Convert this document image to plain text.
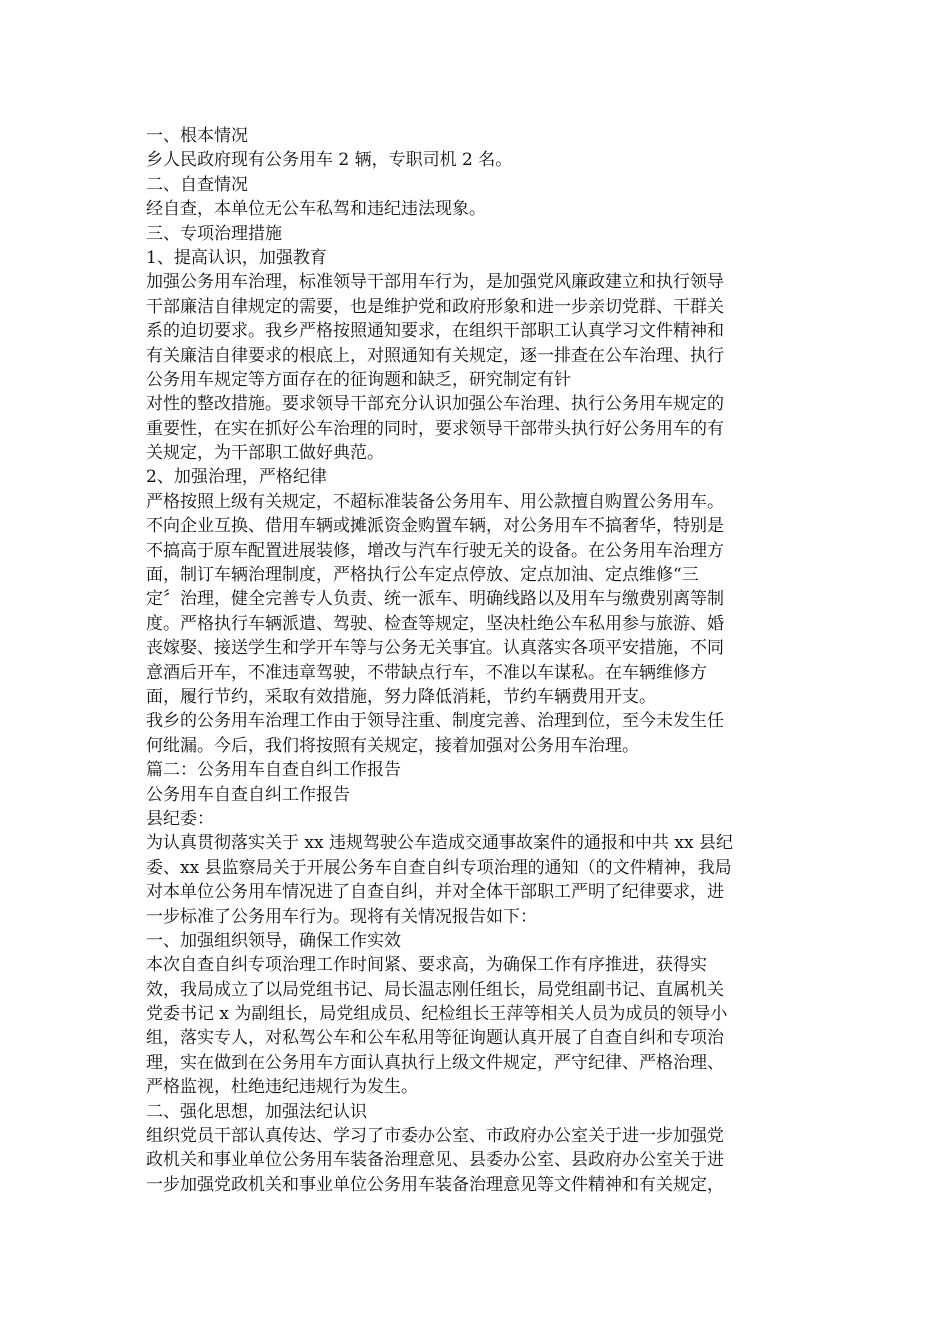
一、根本情况
乡人民政府现有公务用车 2 辆，专职司机 2 名。
二、自查情况
经自查，本单位无公车私驾和违纪违法现象。
三、专项治理措施
1、提高认识，加强教育
加强公务用车治理，标准领导干部用车行为，是加强党风廉政建立和执行领导
干部廉洁自律规定的需要，也是维护党和政府形象和进一步亲切党群、干群关
系的迫切要求。我乡严格按照通知要求，在组织干部职工认真学习文件精神和
有关廉洁自律要求的根底上，对照通知有关规定，逐一排查在公车治理、执行
公务用车规定等方面存在的征询题和缺乏，研究制定有针
对性的整改措施。要求领导干部充分认识加强公车治理、执行公务用车规定的
重要性，在实在抓好公车治理的同时，要求领导干部带头执行好公务用车的有
关规定，为干部职工做好典范。
2、加强治理，严格纪律
严格按照上级有关规定，不超标准装备公务用车、用公款擅自购置公务用车。
不向企业互换、借用车辆或摊派资金购置车辆，对公务用车不搞奢华，特别是
不搞高于原车配置进展装修，增改与汽车行驶无关的设备。在公务用车治理方
面，制订车辆治理制度，严格执行公车定点停放、定点加油、定点维修“三
定〞治理，健全完善专人负责、统一派车、明确线路以及用车与缴费别离等制
度。严格执行车辆派遣、驾驶、检查等规定，坚决杜绝公车私用参与旅游、婚
丧嫁娶、接送学生和学开车等与公务无关事宜。认真落实各项平安措施，不同
意酒后开车，不准违章驾驶，不带缺点行车，不准以车谋私。在车辆维修方
面，履行节约，采取有效措施，努力降低消耗，节约车辆费用开支。
我乡的公务用车治理工作由于领导注重、制度完善、治理到位，至今未发生任
何纰漏。今后，我们将按照有关规定，接着加强对公务用车治理。
篇二：公务用车自查自纠工作报告
公务用车自查自纠工作报告
县纪委：
为认真贯彻落实关于 xx 违规驾驶公车造成交通事故案件的通报和中共 xx 县纪
委、xx 县监察局关于开展公务车自查自纠专项治理的通知（的文件精神，我局
对本单位公务用车情况进了自查自纠，并对全体干部职工严明了纪律要求，进
一步标准了公务用车行为。现将有关情况报告如下：
一、加强组织领导，确保工作实效
本次自查自纠专项治理工作时间紧、要求高，为确保工作有序推进，获得实
效，我局成立了以局党组书记、局长温志刚任组长，局党组副书记、直属机关
党委书记 x 为副组长，局党组成员、纪检组长王萍等相关人员为成员的领导小
组，落实专人，对私驾公车和公车私用等征询题认真开展了自查自纠和专项治
理，实在做到在公务用车方面认真执行上级文件规定，严守纪律、严格治理、
严格监视，杜绝违纪违规行为发生。
二、强化思想，加强法纪认识
组织党员干部认真传达、学习了市委办公室、市政府办公室关于进一步加强党
政机关和事业单位公务用车装备治理意见、县委办公室、县政府办公室关于进
一步加强党政机关和事业单位公务用车装备治理意见等文件精神和有关规定，
